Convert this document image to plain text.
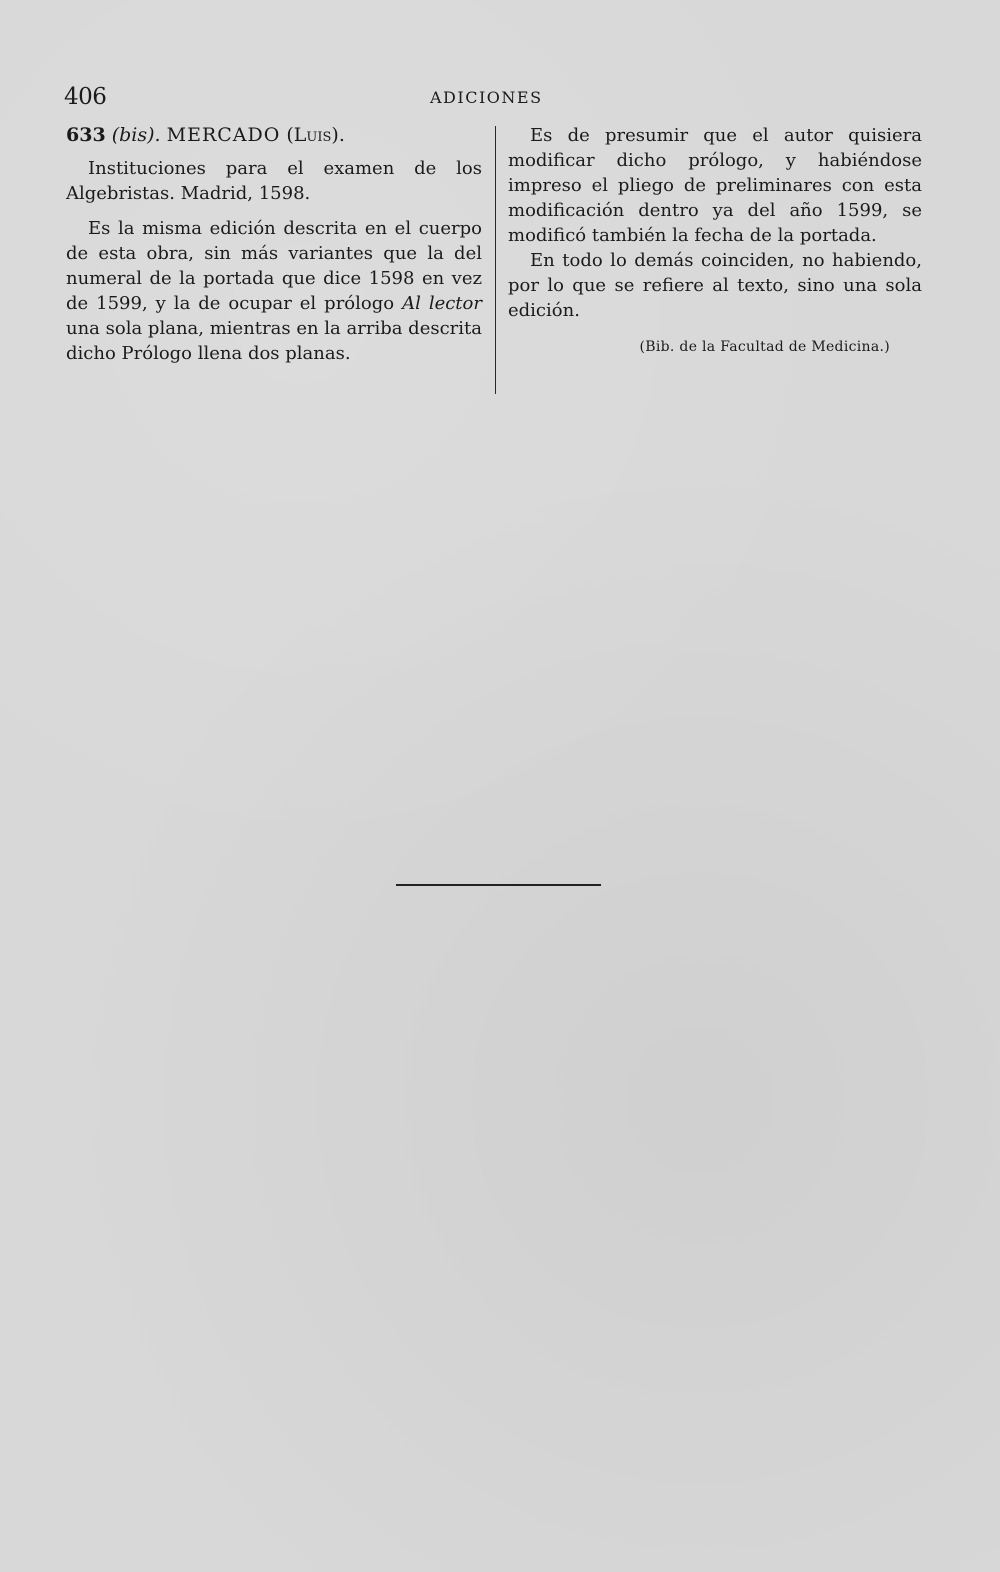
406	ADICIONES

633 (bis). MERCADO (Luis).

Instituciones para el examen de los Algebristas. Madrid, 1598.

Es la misma edición descrita en el cuerpo de esta obra, sin más variantes que la del numeral de la portada que dice 1598 en vez de 1599, y la de ocupar el prólogo Al lector una sola plana, mientras en la arriba descrita dicho Prólogo llena dos planas.

Es de presumir que el autor quisiera modificar dicho prólogo, y habiéndose impreso el pliego de preliminares con esta modificación dentro ya del año 1599, se modificó también la fecha de la portada.

En todo lo demás coinciden, no habiendo, por lo que se refiere al texto, sino una sola edición.

(Bib. de la Facultad de Medicina.)
